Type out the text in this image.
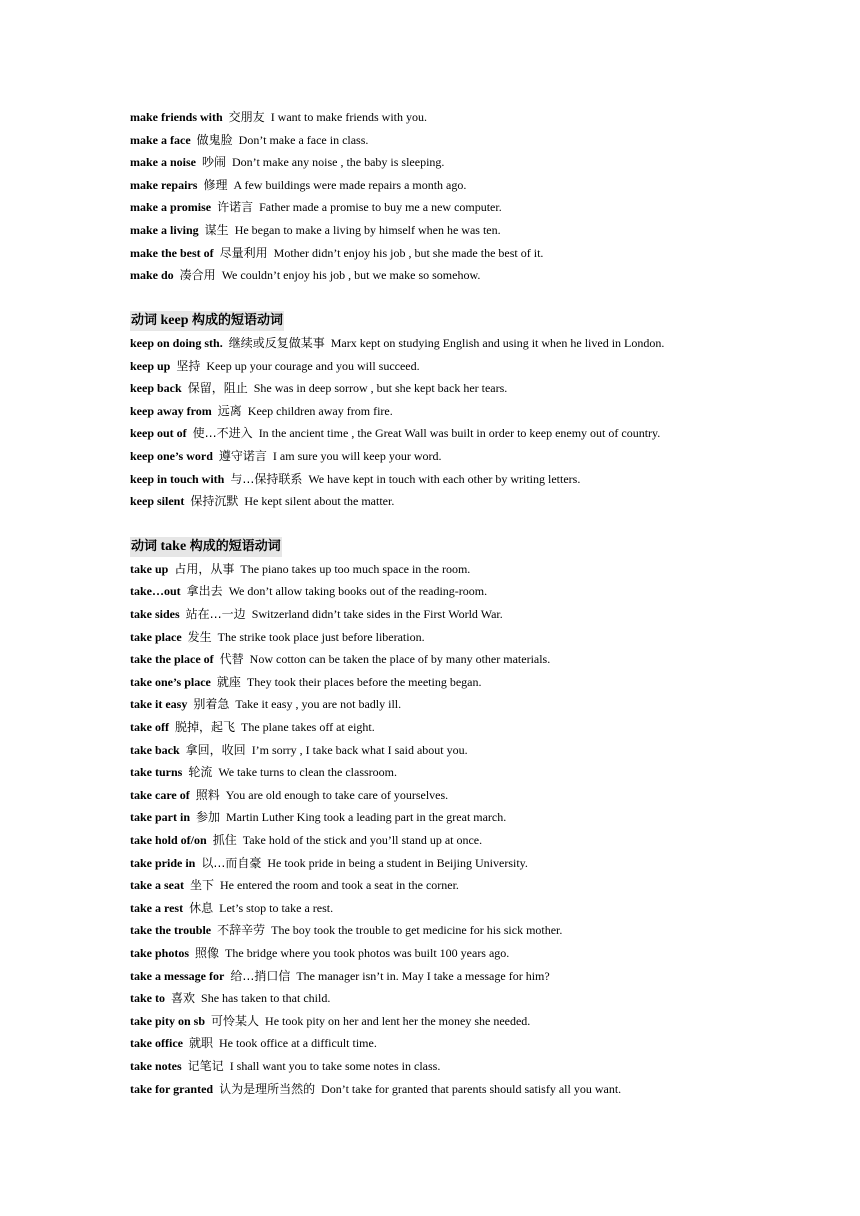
make friends with 交朋友 I want to make friends with you.
make a face 做鬼脸 Don’t make a face in class.
make a noise 吵闹 Don’t make any noise , the baby is sleeping.
make repairs 修理 A few buildings were made repairs a month ago.
make a promise 许诺言 Father made a promise to buy me a new computer.
make a living 谋生 He began to make a living by himself when he was ten.
make the best of 尽量利用 Mother didn’t enjoy his job , but she made the best of it.
make do 凑合用 We couldn’t enjoy his job , but we make so somehow.
动词 keep 构成的短语动词
keep on doing sth. 继续或反复做某事 Marx kept on studying English and using it when he lived in London.
keep up 坚持 Keep up your courage and you will succeed.
keep back 保留，阻止 She was in deep sorrow , but she kept back her tears.
keep away from 远离 Keep children away from fire.
keep out of 使…不进入 In the ancient time , the Great Wall was built in order to keep enemy out of country.
keep one’s word 遵守诺言 I am sure you will keep your word.
keep in touch with 与…保持联系 We have kept in touch with each other by writing letters.
keep silent 保持沉默 He kept silent about the matter.
动词 take 构成的短语动词
take up 占用，从事 The piano takes up too much space in the room.
take…out 拿出去 We don’t allow taking books out of the reading-room.
take sides 站在…一边 Switzerland didn’t take sides in the First World War.
take place 发生 The strike took place just before liberation.
take the place of 代替 Now cotton can be taken the place of by many other materials.
take one’s place 就座 They took their places before the meeting began.
take it easy 别着急 Take it easy , you are not badly ill.
take off 脱掉，起飞 The plane takes off at eight.
take back 拿回，收回 I’m sorry , I take back what I said about you.
take turns 轮流 We take turns to clean the classroom.
take care of 照料 You are old enough to take care of yourselves.
take part in 参加 Martin Luther King took a leading part in the great march.
take hold of/on 抓住 Take hold of the stick and you’ll stand up at once.
take pride in 以…而自豪 He took pride in being a student in Beijing University.
take a seat 坐下 He entered the room and took a seat in the corner.
take a rest 休息 Let’s stop to take a rest.
take the trouble 不辞辛劳 The boy took the trouble to get medicine for his sick mother.
take photos 照像 The bridge where you took photos was built 100 years ago.
take a message for 给…捎口信 The manager isn’t in. May I take a message for him?
take to 喜欢 She has taken to that child.
take pity on sb 可怜某人 He took pity on her and lent her the money she needed.
take office 就职 He took office at a difficult time.
take notes 记笔记 I shall want you to take some notes in class.
take for granted 认为是理所当然的 Don’t take for granted that parents should satisfy all you want.
